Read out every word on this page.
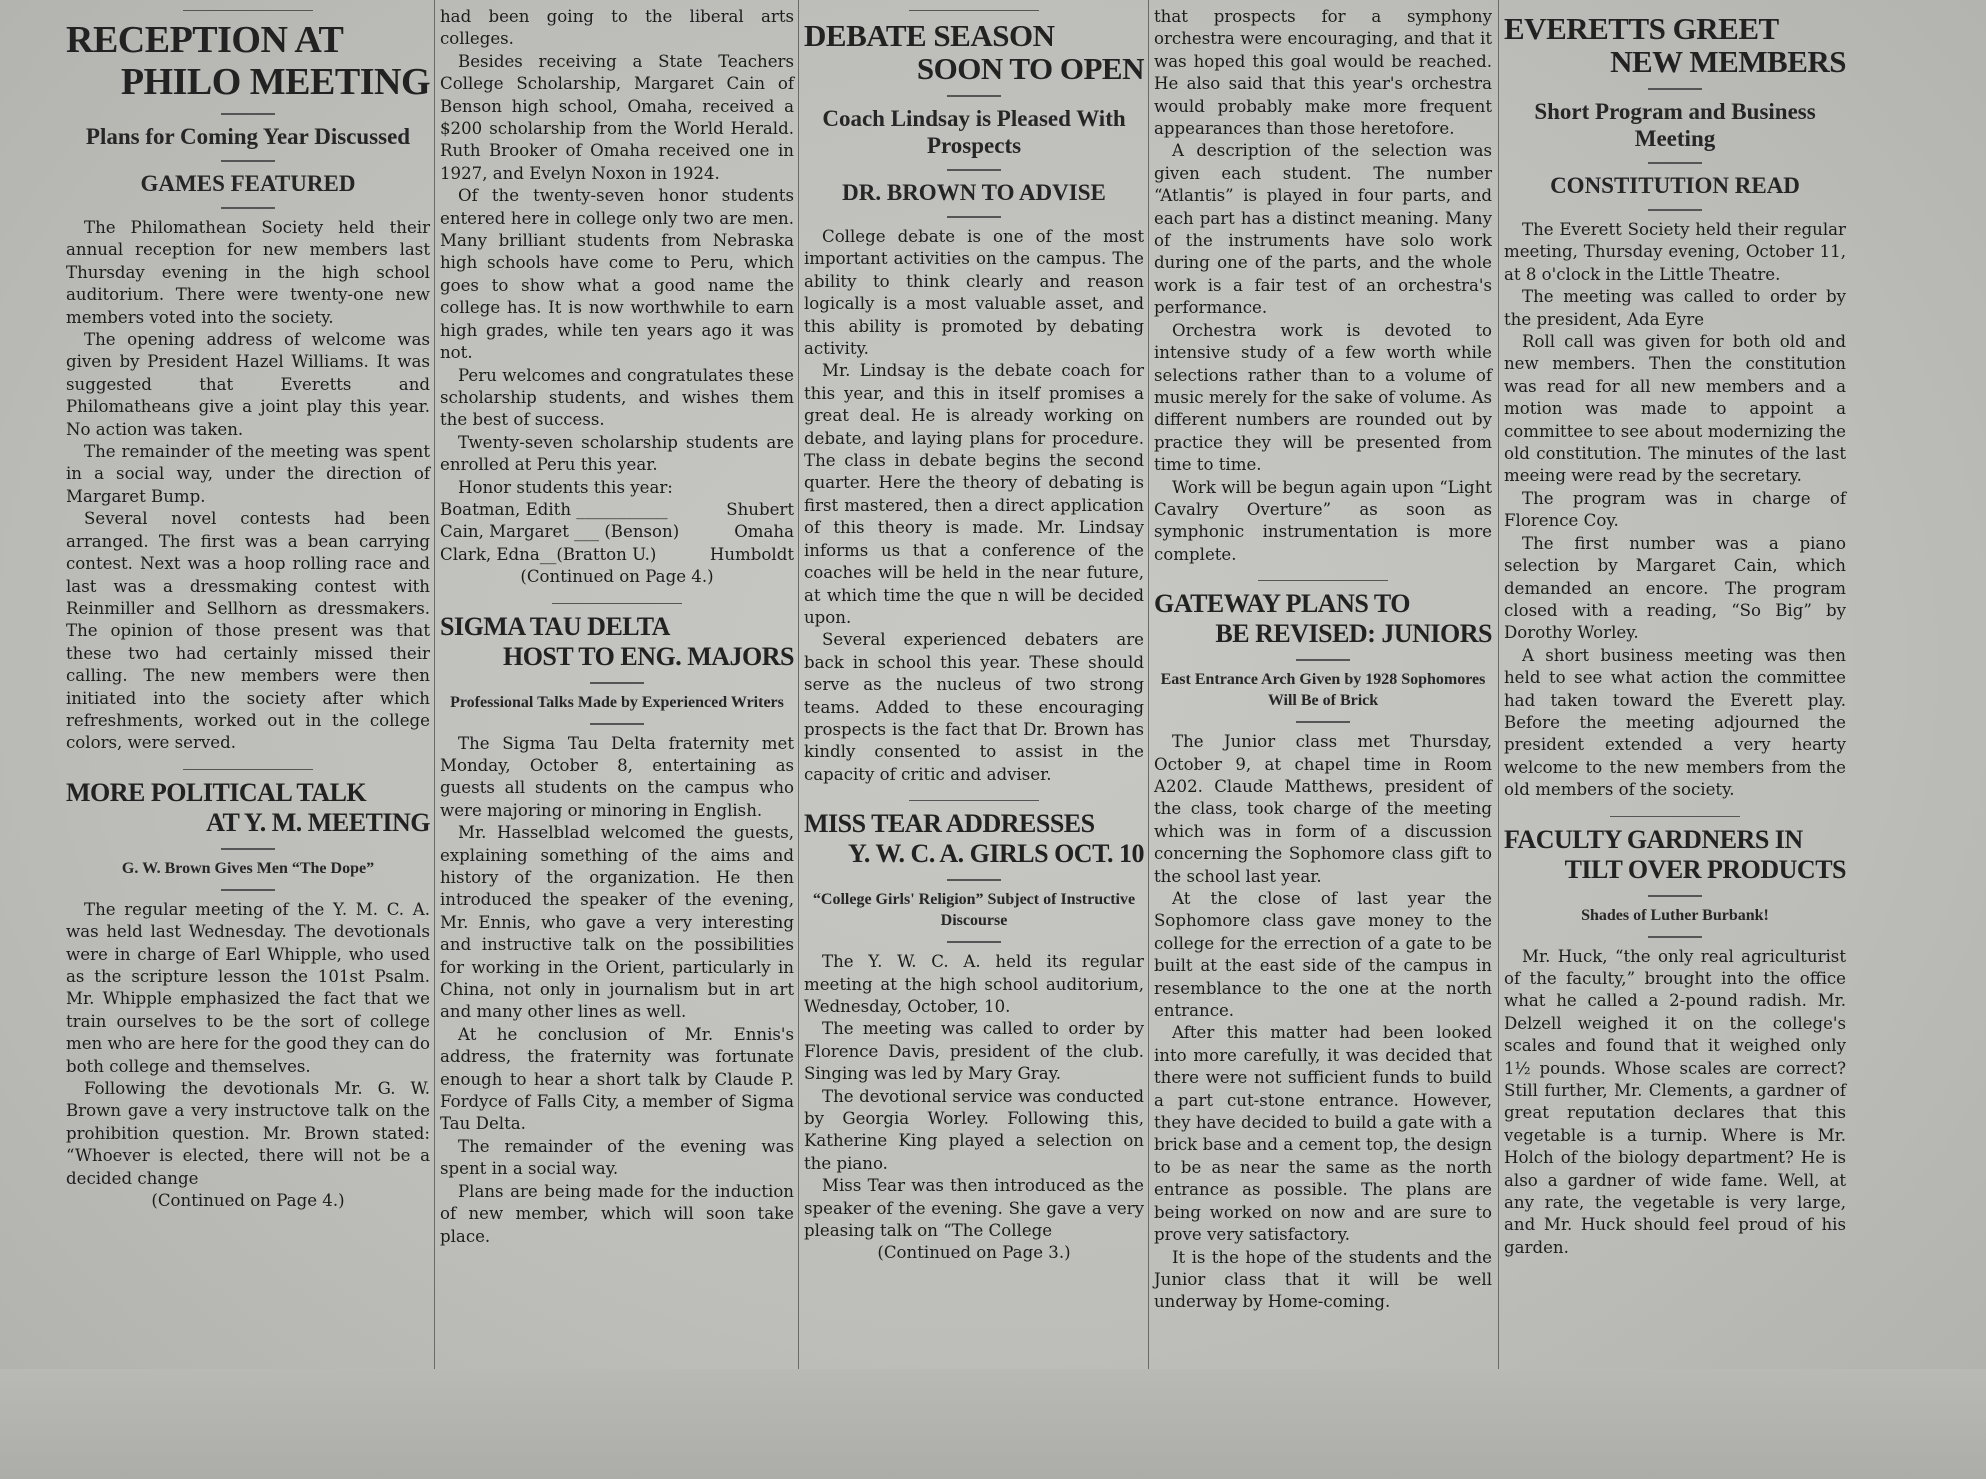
RECEPTION AT
PHILO MEETING
Plans for Coming Year Discussed
GAMES FEATURED

The Philomathean Society held their annual reception for new members last Thursday evening in the high school auditorium. There were twenty-one new members voted into the society.

The opening address of welcome was given by President Hazel Williams. It was suggested that Everetts and Philomatheans give a joint play this year. No action was taken.

The remainder of the meeting was spent in a social way, under the direction of Margaret Bump.

Several novel contests had been arranged. The first was a bean carrying contest. Next was a hoop rolling race and last was a dressmaking contest with Reinmiller and Sellhorn as dressmakers. The opinion of those present was that these two had certainly missed their calling. The new members were then initiated into the society after which refreshments, worked out in the college colors, were served.

MORE POLITICAL TALK
AT Y. M. MEETING
G. W. Brown Gives Men “The Dope”

The regular meeting of the Y. M. C. A. was held last Wednesday. The devotionals were in charge of Earl Whipple, who used as the scripture lesson the 101st Psalm. Mr. Whipple emphasized the fact that we train ourselves to be the sort of college men who are here for the good they can do both college and themselves.

Following the devotionals Mr. G. W. Brown gave a very instructove talk on the prohibition question. Mr. Brown stated: “Whoever is elected, there will not be a decided change

(Continued on Page 4.)

had been going to the liberal arts colleges.

Besides receiving a State Teachers College Scholarship, Margaret Cain of Benson high school, Omaha, received a $200 scholarship from the World Herald. Ruth Brooker of Omaha received one in 1927, and Evelyn Noxon in 1924.

Of the twenty-seven honor students entered here in college only two are men. Many brilliant students from Nebraska high schools have come to Peru, which goes to show what a good name the college has. It is now worthwhile to earn high grades, while ten years ago it was not.

Peru welcomes and congratulates these scholarship students, and wishes them the best of success.

Twenty-seven scholarship students are enrolled at Peru this year.

Honor students this year:

Boatman, Edith ___________	Shubert
Cain, Margaret ___ (Benson)	Omaha
Clark, Edna__(Bratton U.)	Humboldt

(Continued on Page 4.)

SIGMA TAU DELTA
HOST TO ENG. MAJORS
Professional Talks Made by Experienced Writers

The Sigma Tau Delta fraternity met Monday, October 8, entertaining as guests all students on the campus who were majoring or minoring in English.

Mr. Hasselblad welcomed the guests, explaining something of the aims and history of the organization. He then introduced the speaker of the evening, Mr. Ennis, who gave a very interesting and instructive talk on the possibilities for working in the Orient, particularly in China, not only in journalism but in art and many other lines as well.

At he conclusion of Mr. Ennis's address, the fraternity was fortunate enough to hear a short talk by Claude P. Fordyce of Falls City, a member of Sigma Tau Delta.

The remainder of the evening was spent in a social way.

Plans are being made for the induction of new member, which will soon take place.

DEBATE SEASON
SOON TO OPEN
Coach Lindsay is Pleased With Prospects
DR. BROWN TO ADVISE

College debate is one of the most important activities on the campus. The ability to think clearly and reason logically is a most valuable asset, and this ability is promoted by debating activity.

Mr. Lindsay is the debate coach for this year, and this in itself promises a great deal. He is already working on debate, and laying plans for procedure. The class in debate begins the second quarter. Here the theory of debating is first mastered, then a direct application of this theory is made. Mr. Lindsay informs us that a conference of the coaches will be held in the near future, at which time the que n will be decided upon.

Several experienced debaters are back in school this year. These should serve as the nucleus of two strong teams. Added to these encouraging prospects is the fact that Dr. Brown has kindly consented to assist in the capacity of critic and adviser.

MISS TEAR ADDRESSES
Y. W. C. A. GIRLS OCT. 10
“College Girls' Religion” Subject of Instructive Discourse

The Y. W. C. A. held its regular meeting at the high school auditorium, Wednesday, October, 10.

The meeting was called to order by Florence Davis, president of the club. Singing was led by Mary Gray.

The devotional service was conducted by Georgia Worley. Following this, Katherine King played a selection on the piano.

Miss Tear was then introduced as the speaker of the evening. She gave a very pleasing talk on “The College

(Continued on Page 3.)

that prospects for a symphony orchestra were encouraging, and that it was hoped this goal would be reached. He also said that this year's orchestra would probably make more frequent appearances than those heretofore.

A description of the selection was given each student. The number “Atlantis” is played in four parts, and each part has a distinct meaning. Many of the instruments have solo work during one of the parts, and the whole work is a fair test of an orchestra's performance.

Orchestra work is devoted to intensive study of a few worth while selections rather than to a volume of music merely for the sake of volume. As different numbers are rounded out by practice they will be presented from time to time.

Work will be begun again upon “Light Cavalry Overture” as soon as symphonic instrumentation is more complete.

GATEWAY PLANS TO
BE REVISED: JUNIORS
East Entrance Arch Given by 1928 Sophomores Will Be of Brick

The Junior class met Thursday, October 9, at chapel time in Room A202. Claude Matthews, president of the class, took charge of the meeting which was in form of a discussion concerning the Sophomore class gift to the school last year.

At the close of last year the Sophomore class gave money to the college for the errection of a gate to be built at the east side of the campus in resemblance to the one at the north entrance.

After this matter had been looked into more carefully, it was decided that there were not sufficient funds to build a part cut-stone entrance. However, they have decided to build a gate with a brick base and a cement top, the design to be as near the same as the north entrance as possible. The plans are being worked on now and are sure to prove very satisfactory.

It is the hope of the students and the Junior class that it will be well underway by Home-coming.

EVERETTS GREET
NEW MEMBERS
Short Program and Business Meeting
CONSTITUTION READ

The Everett Society held their regular meeting, Thursday evening, October 11, at 8 o'clock in the Little Theatre.

The meeting was called to order by the president, Ada Eyre

Roll call was given for both old and new members. Then the constitution was read for all new members and a motion was made to appoint a committee to see about modernizing the old constitution. The minutes of the last meeing were read by the secretary.

The program was in charge of Florence Coy.

The first number was a piano selection by Margaret Cain, which demanded an encore. The program closed with a reading, “So Big” by Dorothy Worley.

A short business meeting was then held to see what action the committee had taken toward the Everett play. Before the meeting adjourned the president extended a very hearty welcome to the new members from the old members of the society.

FACULTY GARDNERS IN
TILT OVER PRODUCTS
Shades of Luther Burbank!

Mr. Huck, “the only real agriculturist of the faculty,” brought into the office what he called a 2-pound radish. Mr. Delzell weighed it on the college's scales and found that it weighed only 1½ pounds. Whose scales are correct? Still further, Mr. Clements, a gardner of great reputation declares that this vegetable is a turnip. Where is Mr. Holch of the biology department? He is also a gardner of wide fame. Well, at any rate, the vegetable is very large, and Mr. Huck should feel proud of his garden.
